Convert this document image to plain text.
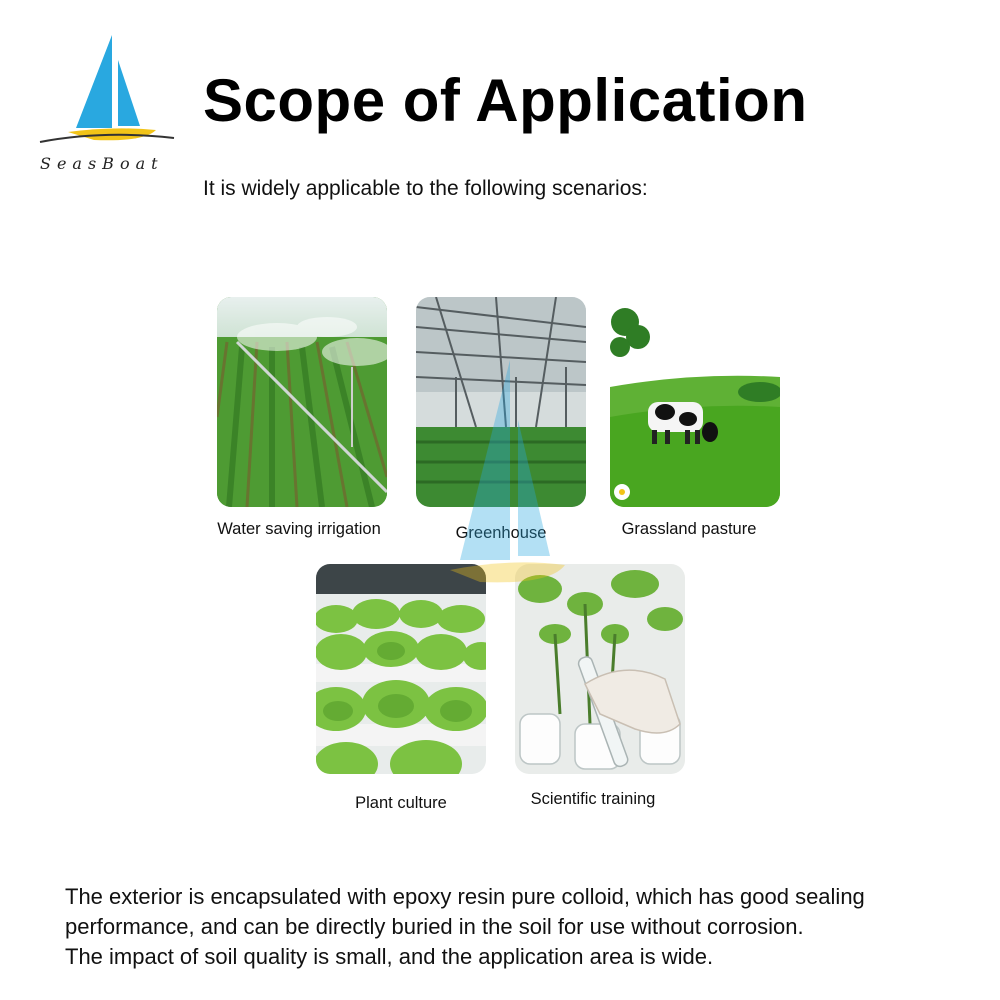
SeasBoat
Scope of Application
It is widely applicable to the following scenarios:
Water saving irrigation	Greenhouse	Grassland pasture
Plant culture	Scientific training

The exterior is encapsulated with epoxy resin pure colloid, which has good sealing

performance, and can be directly buried in the soil for use without corrosion.

The impact of soil quality is small, and the application area is wide.
